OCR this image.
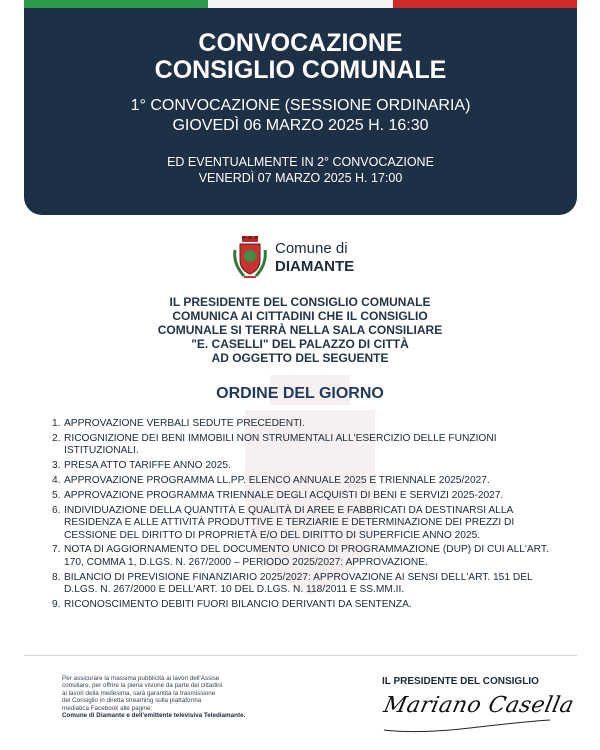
CONVOCAZIONE

CONSIGLIO COMUNALE

1° CONVOCAZIONE (SESSIONE ORDINARIA)

GIOVEDÌ 06 MARZO 2025 H. 16:30

ED EVENTUALMENTE IN 2° CONVOCAZIONE

VENERDÌ 07 MARZO 2025 H. 17:00

Comune di
DIAMANTE

IL PRESIDENTE DEL CONSIGLIO COMUNALE

COMUNICA AI CITTADINI CHE IL CONSIGLIO

COMUNALE SI TERRÀ NELLA SALA CONSILIARE

"E. CASELLI" DEL PALAZZO DI CITTÀ

AD OGGETTO DEL SEGUENTE

ORDINE DEL GIORNO
1. APPROVAZIONE VERBALI SEDUTE PRECEDENTI.
2. RICOGNIZIONE DEI BENI IMMOBILI NON STRUMENTALI ALL'ESERCIZIO DELLE FUNZIONI ISTITUZIONALI.
3. PRESA ATTO TARIFFE ANNO 2025.
4. APPROVAZIONE PROGRAMMA LL.PP. ELENCO ANNUALE 2025 E TRIENNALE 2025/2027.
5. APPROVAZIONE PROGRAMMA TRIENNALE DEGLI ACQUISTI DI BENI E SERVIZI 2025-2027.
6. INDIVIDUAZIONE DELLA QUANTITÀ E QUALITÀ DI AREE E FABBRICATI DA DESTINARSI ALLA RESIDENZA E ALLE ATTIVITÀ PRODUTTIVE E TERZIARIE E DETERMINAZIONE DEI PREZZI DI CESSIONE DEL DIRITTO DI PROPRIETÀ E/O DEL DIRITTO DI SUPERFICIE ANNO 2025.
7. NOTA DI AGGIORNAMENTO DEL DOCUMENTO UNICO DI PROGRAMMAZIONE (DUP) DI CUI ALL'ART. 170, COMMA 1, D.LGS. N. 267/2000 – PERIODO 2025/2027: APPROVAZIONE.
8. BILANCIO DI PREVISIONE FINANZIARIO 2025/2027: APPROVAZIONE AI SENSI DELL'ART. 151 DEL D.LGS. N. 267/2000 E DELL'ART. 10 DEL D.LGS. N. 118/2011 E SS.MM.II.
9. RICONOSCIMENTO DEBITI FUORI BILANCIO DERIVANTI DA SENTENZA.

Per assicurare la massima pubblicità ai lavori dell'Assise

consiliare, per offrire la piena visione da parte dei cittadini

ai lavori della medesima, sarà garantita la trasmissione

del Consiglio in diretta streaming sulla piattaforma

mediatica Facebook alle pagine:

Comune di Diamante e dell'emittente televisiva Telediamante.

IL PRESIDENTE DEL CONSIGLIO
Mariano Casella
